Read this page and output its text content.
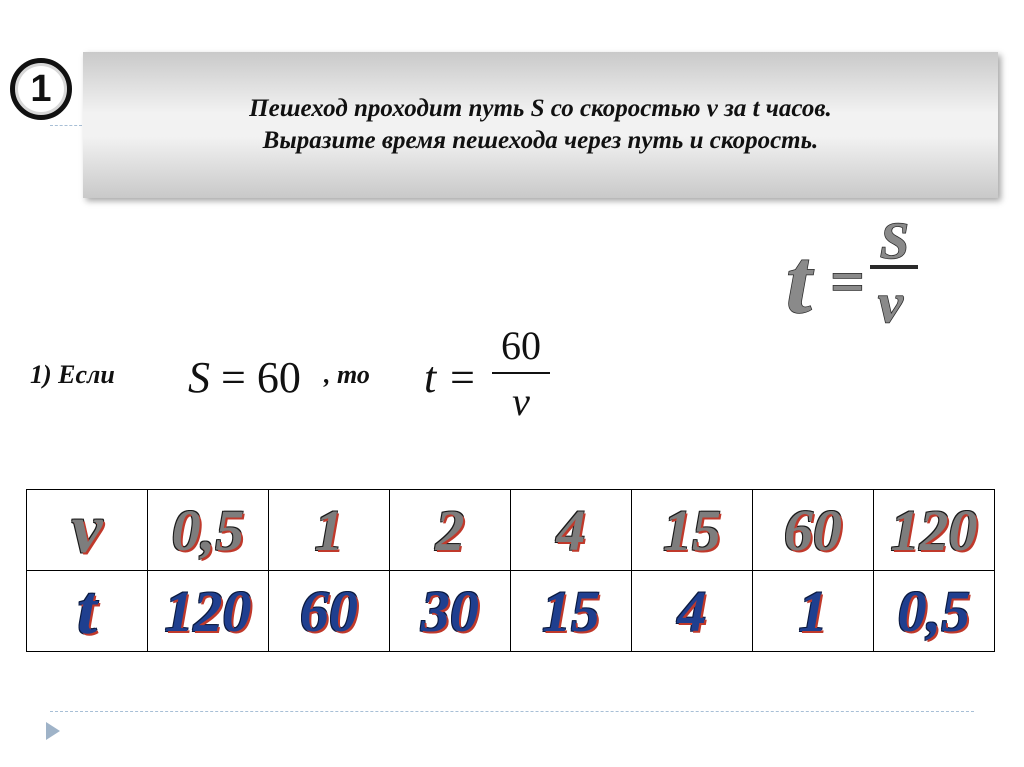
1	Пешеход проходит путь S со скоростью v за t часов.

Выразите время пешехода через путь и скорость.

t =
S
v
1) Если S = 60 , то t =
60
v
v	0,5	1	2	4	15	60	120
t	120	60	30	15	4	1	0,5
